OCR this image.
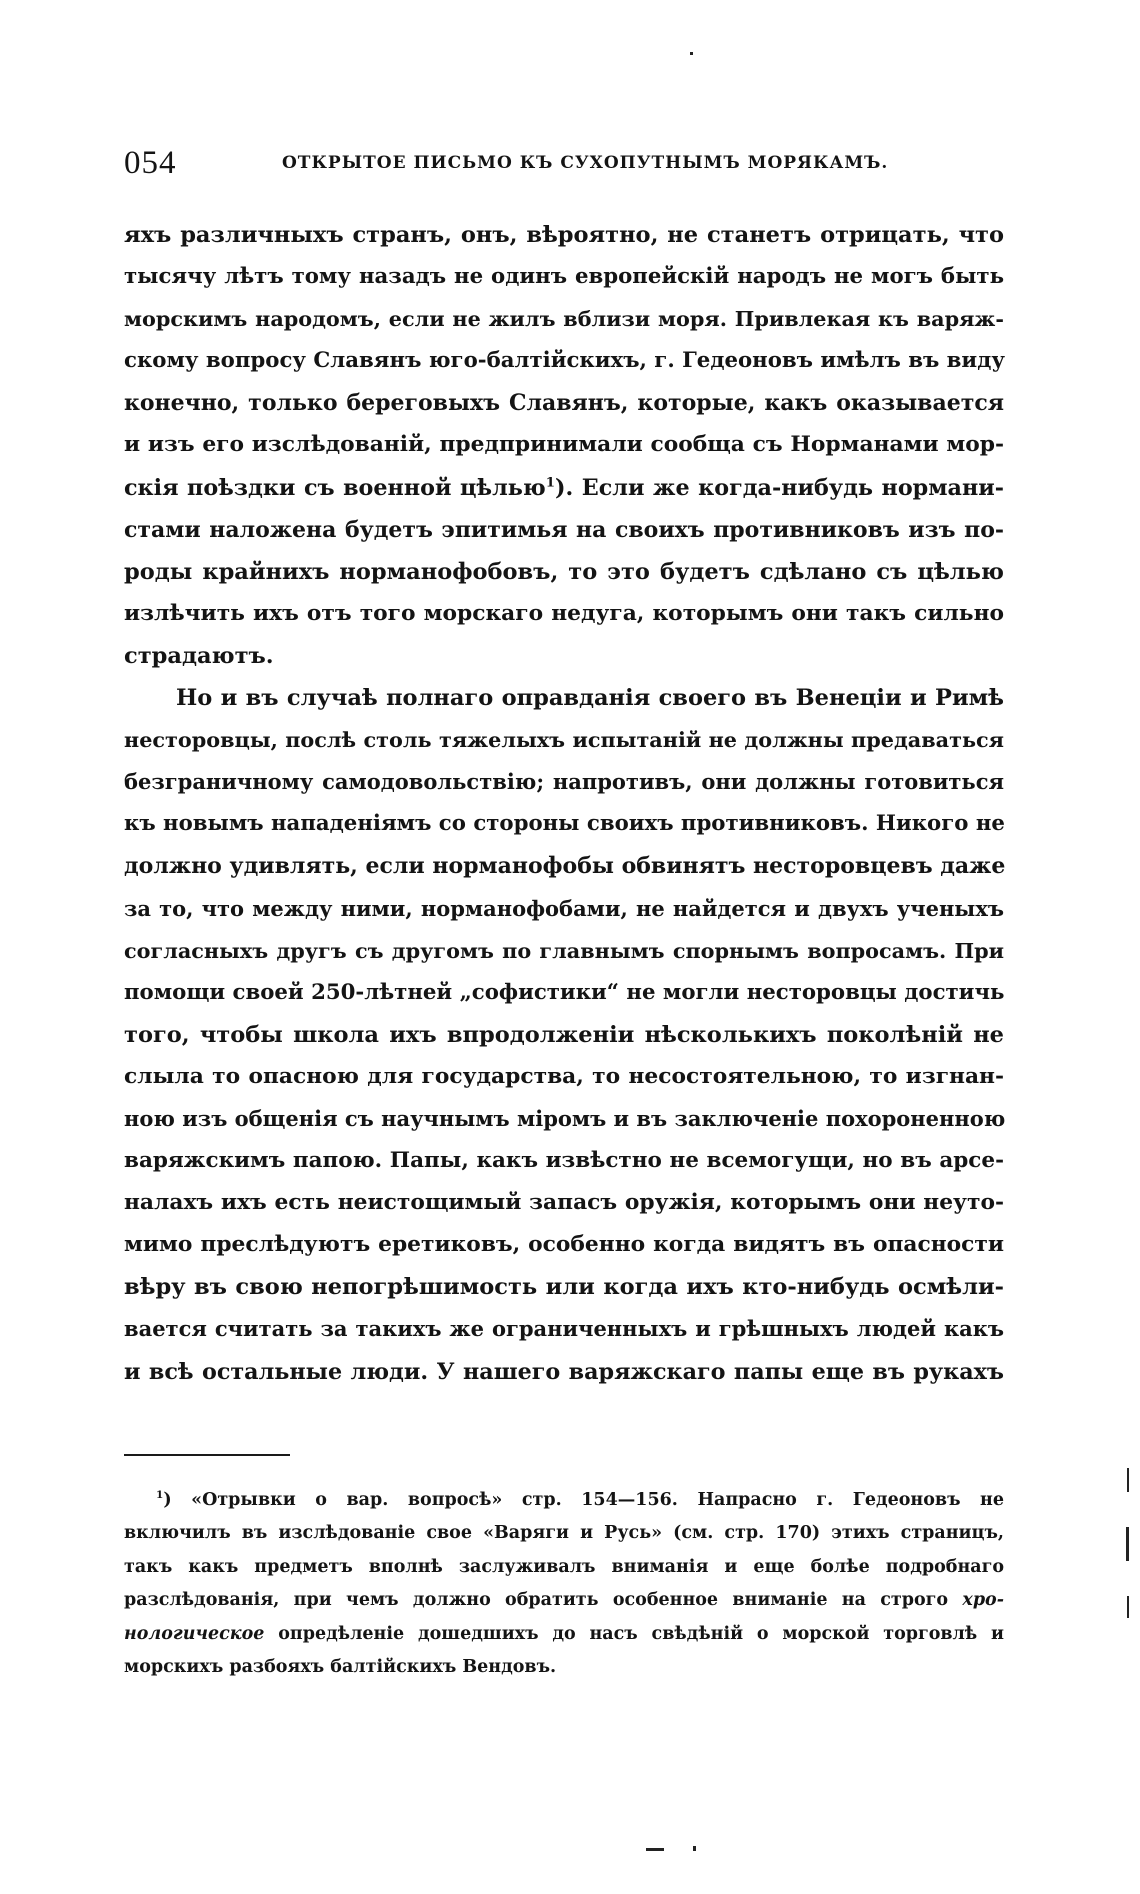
054	ОТКРЫТОЕ ПИСЬМО КЪ СУХОПУТНЫМЪ МОРЯКАМЪ.
яхъ различныхъ странъ, онъ, вѣроятно, не станетъ отрицать, что
тысячу лѣтъ тому назадъ не одинъ европейскій народъ не могъ быть
морскимъ народомъ, если не жилъ вблизи моря. Привлекая къ варяж-
скому вопросу Славянъ юго-балтійскихъ, г. Гедеоновъ имѣлъ въ виду
конечно, только береговыхъ Славянъ, которые, какъ оказывается
и изъ его изслѣдованій, предпринимали сообща съ Норманами мор-
скія поѣздки съ военной цѣлью$^1$). Если же когда-нибудь нормани-
стами наложена будетъ эпитимья на своихъ противниковъ изъ по-
роды крайнихъ норманофобовъ, то это будетъ сдѣлано съ цѣлью
излѣчить ихъ отъ того морскаго недуга, которымъ они такъ сильно
страдаютъ.
Но и въ случаѣ полнаго оправданія своего въ Венеціи и Римѣ
несторовцы, послѣ столь тяжелыхъ испытаній не должны предаваться
безграничному самодовольствію; напротивъ, они должны готовиться
къ новымъ нападеніямъ со стороны своихъ противниковъ. Никого не
должно удивлять, если норманофобы обвинятъ несторовцевъ даже
за то, что между ними, норманофобами, не найдется и двухъ ученыхъ
согласныхъ другъ съ другомъ по главнымъ спорнымъ вопросамъ. При
помощи своей 250-лѣтней „софистики“ не могли несторовцы достичь
того, чтобы школа ихъ впродолженіи нѣсколькихъ поколѣній не
слыла то опасною для государства, то несостоятельною, то изгнан-
ною изъ общенія съ научнымъ міромъ и въ заключеніе похороненною
варяжскимъ папою. Папы, какъ извѣстно не всемогущи, но въ арсе-
налахъ ихъ есть неистощимый запасъ оружія, которымъ они неуто-
мимо преслѣдуютъ еретиковъ, особенно когда видятъ въ опасности
вѣру въ свою непогрѣшимость или когда ихъ кто-нибудь осмѣли-
вается считать за такихъ же ограниченныхъ и грѣшныхъ людей какъ
и всѣ остальные люди. У нашего варяжскаго папы еще въ рукахъ
$^1$) «Отрывки о вар. вопросѣ» стр. 154—156. Напрасно г. Гедеоновъ не
включилъ въ изслѣдованіе свое «Варяги и Русь» (см. стр. 170) этихъ страницъ,
такъ какъ предметъ вполнѣ заслуживалъ вниманія и еще болѣе подробнаго
разслѣдованія, при чемъ должно обратить особенное вниманіе на строго хро-
нологическое опредѣленіе дошедшихъ до насъ свѣдѣній о морской торговлѣ и
морскихъ разбояхъ балтійскихъ Вендовъ.
